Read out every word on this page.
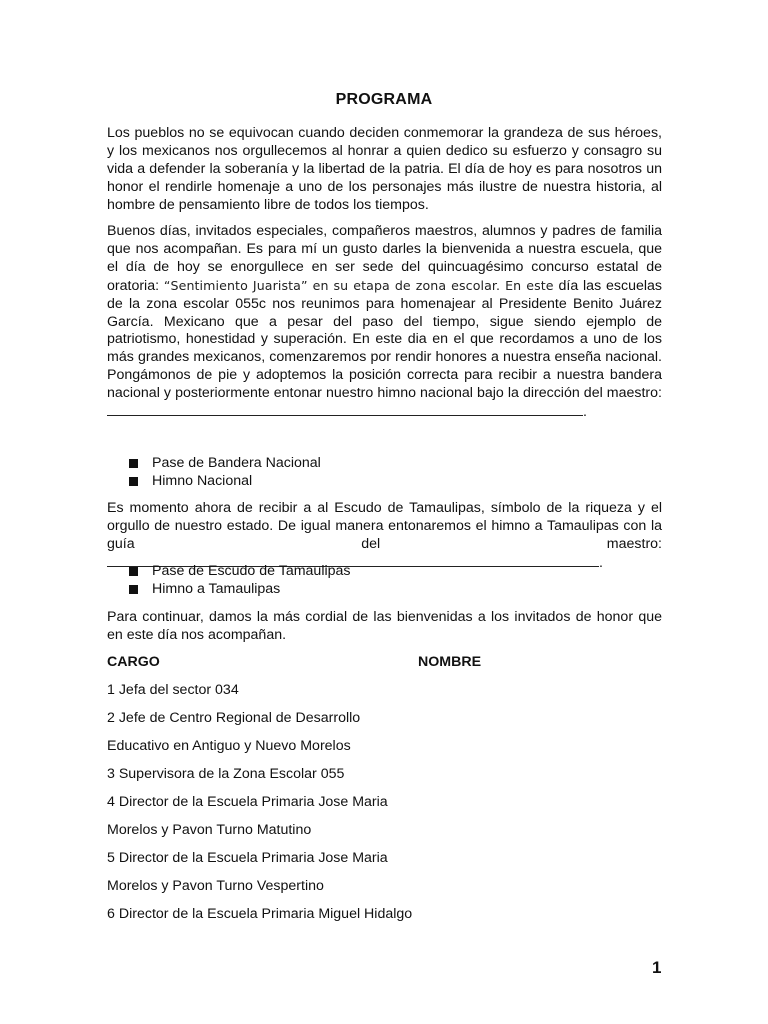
PROGRAMA
Los pueblos no se equivocan cuando deciden conmemorar la grandeza de sus héroes, y los mexicanos nos orgullecemos al honrar a quien dedico su esfuerzo y consagro su vida a defender la soberanía y la libertad de la patria. El día de hoy es para nosotros un honor el rendirle homenaje a uno de los personajes más ilustre de nuestra historia, al hombre de pensamiento libre de todos los tiempos.
Buenos días, invitados especiales, compañeros maestros, alumnos y padres de familia que nos acompañan. Es para mí un gusto darles la bienvenida a nuestra escuela, que el día de hoy se enorgullece en ser sede del quincuagésimo concurso estatal de oratoria: “Sentimiento Juarista” en su etapa de zona escolar. En este día las escuelas de la zona escolar 055c nos reunimos para homenajear al Presidente Benito Juárez García. Mexicano que a pesar del paso del tiempo, sigue siendo ejemplo de patriotismo, honestidad y superación. En este dia en el que recordamos a uno de los más grandes mexicanos, comenzaremos por rendir honores a nuestra enseña nacional. Pongámonos de pie y adoptemos la posición correcta para recibir a nuestra bandera nacional y posteriormente entonar nuestro himno nacional bajo la dirección del maestro: .
Pase de Bandera Nacional
Himno Nacional
Es momento ahora de recibir a al Escudo de Tamaulipas, símbolo de la riqueza y el orgullo de nuestro estado. De igual manera entonaremos el himno a Tamaulipas con la guía del maestro: .
Pase de Escudo de Tamaulipas
Himno a Tamaulipas
Para continuar, damos la más cordial de las bienvenidas a los invitados de honor que en este día nos acompañan.
CARGO	NOMBRE
1 Jefa del sector 034
2 Jefe de Centro Regional de Desarrollo
Educativo en Antiguo y Nuevo Morelos
3 Supervisora de la Zona Escolar 055
4 Director de la Escuela Primaria Jose Maria
Morelos y Pavon Turno Matutino
5 Director de la Escuela Primaria Jose Maria
Morelos y Pavon Turno Vespertino
6 Director de la Escuela Primaria Miguel Hidalgo
1
